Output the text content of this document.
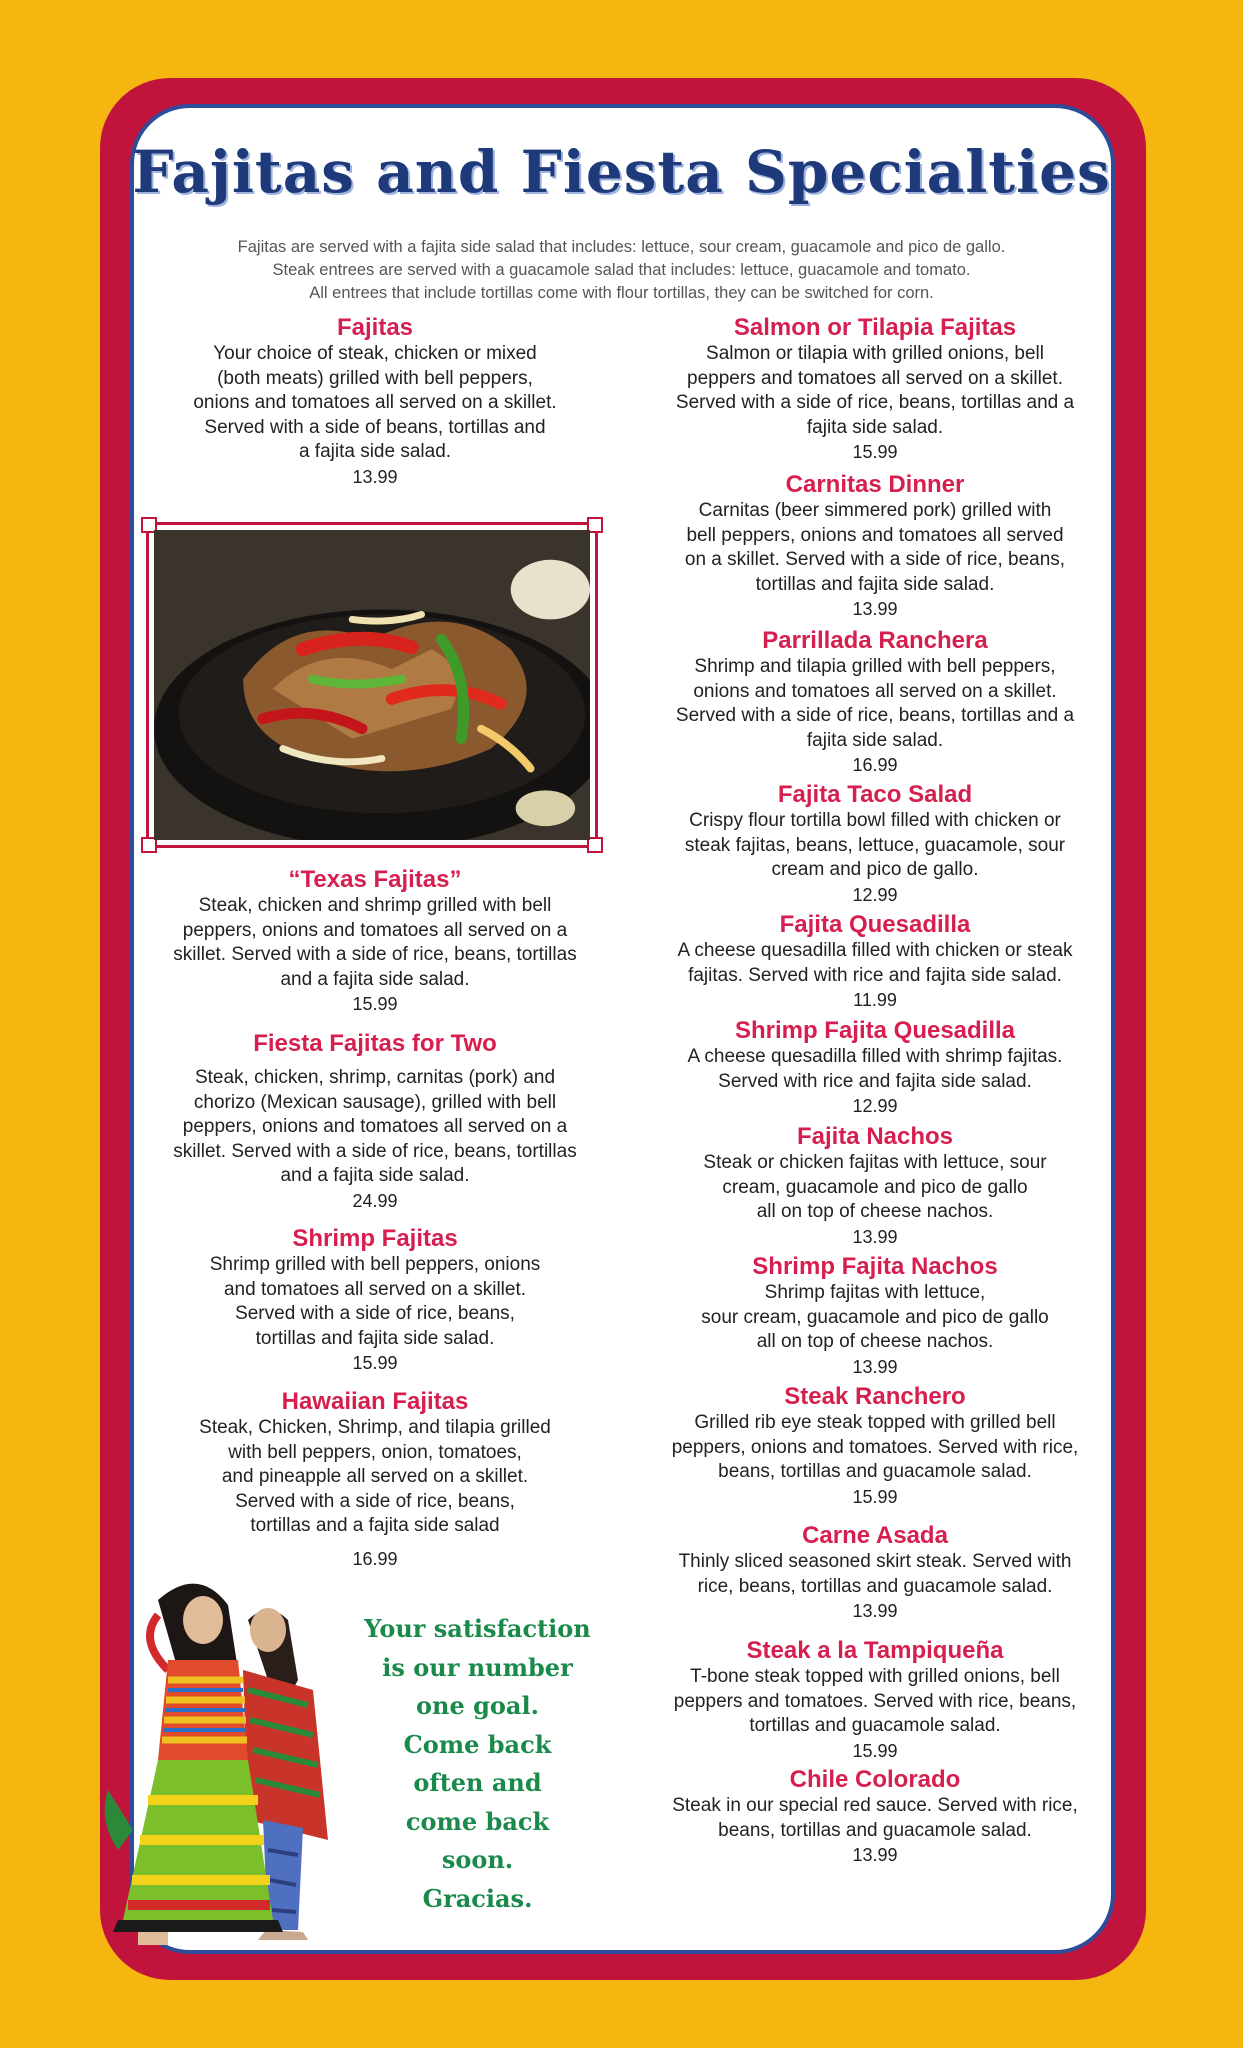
Fajitas and Fiesta Specialties
Fajitas are served with a fajita side salad that includes: lettuce, sour cream, guacamole and pico de gallo.
Steak entrees are served with a guacamole salad that includes: lettuce, guacamole and tomato.
All entrees that include tortillas come with flour tortillas, they can be switched for corn.
Fajitas
Your choice of steak, chicken or mixed
(both meats) grilled with bell peppers,
onions and tomatoes all served on a skillet.
Served with a side of beans, tortillas and
a fajita side salad.
13.99
“Texas Fajitas”
Steak, chicken and shrimp grilled with bell
peppers, onions and tomatoes all served on a
skillet. Served with a side of rice, beans, tortillas
and a fajita side salad.
15.99
Fiesta Fajitas for Two
Steak, chicken, shrimp, carnitas (pork) and
chorizo (Mexican sausage), grilled with bell
peppers, onions and tomatoes all served on a
skillet. Served with a side of rice, beans, tortillas
and a fajita side salad.
24.99
Shrimp Fajitas
Shrimp grilled with bell peppers, onions
and tomatoes all served on a skillet.
Served with a side of rice, beans,
tortillas and fajita side salad.
15.99
Hawaiian Fajitas
Steak, Chicken, Shrimp, and tilapia grilled
with bell peppers, onion, tomatoes,
and pineapple all served on a skillet.
Served with a side of rice, beans,
tortillas and a fajita side salad
16.99
Salmon or Tilapia Fajitas
Salmon or tilapia with grilled onions, bell
peppers and tomatoes all served on a skillet.
Served with a side of rice, beans, tortillas and a
fajita side salad.
15.99
Carnitas Dinner
Carnitas (beer simmered pork) grilled with
bell peppers, onions and tomatoes all served
on a skillet. Served with a side of rice, beans,
tortillas and fajita side salad.
13.99
Parrillada Ranchera
Shrimp and tilapia grilled with bell peppers,
onions and tomatoes all served on a skillet.
Served with a side of rice, beans, tortillas and a
fajita side salad.
16.99
Fajita Taco Salad
Crispy flour tortilla bowl filled with chicken or
steak fajitas, beans, lettuce, guacamole, sour
cream and pico de gallo.
12.99
Fajita Quesadilla
A cheese quesadilla filled with chicken or steak
fajitas. Served with rice and fajita side salad.
11.99
Shrimp Fajita Quesadilla
A cheese quesadilla filled with shrimp fajitas.
Served with rice and fajita side salad.
12.99
Fajita Nachos
Steak or chicken fajitas with lettuce, sour
cream, guacamole and pico de gallo
all on top of cheese nachos.
13.99
Shrimp Fajita Nachos
Shrimp fajitas with lettuce,
sour cream, guacamole and pico de gallo
all on top of cheese nachos.
13.99
Steak Ranchero
Grilled rib eye steak topped with grilled bell
peppers, onions and tomatoes. Served with rice,
beans, tortillas and guacamole salad.
15.99
Carne Asada
Thinly sliced seasoned skirt steak. Served with
rice, beans, tortillas and guacamole salad.
13.99
Steak a la Tampiqueña
T-bone steak topped with grilled onions, bell
peppers and tomatoes. Served with rice, beans,
tortillas and guacamole salad.
15.99
Chile Colorado
Steak in our special red sauce. Served with rice,
beans, tortillas and guacamole salad.
13.99
Your satisfaction
is our number
one goal.
Come back
often and
come back
soon.
Gracias.
